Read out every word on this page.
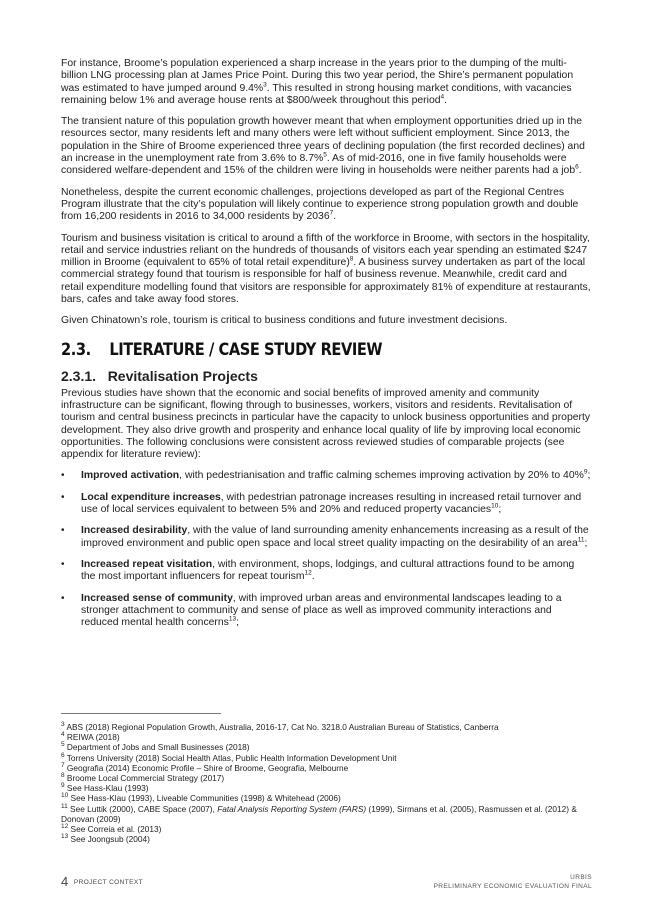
For instance, Broome’s population experienced a sharp increase in the years prior to the dumping of the multi-billion LNG processing plan at James Price Point. During this two year period, the Shire’s permanent population was estimated to have jumped around 9.4%$^3$. This resulted in strong housing market conditions, with vacancies remaining below 1% and average house rents at $800/week throughout this period$^4$.

The transient nature of this population growth however meant that when employment opportunities dried up in the resources sector, many residents left and many others were left without sufficient employment. Since 2013, the population in the Shire of Broome experienced three years of declining population (the first recorded declines) and an increase in the unemployment rate from 3.6% to 8.7%$^5$. As of mid-2016, one in five family households were considered welfare-dependent and 15% of the children were living in households were neither parents had a job$^6$.

Nonetheless, despite the current economic challenges, projections developed as part of the Regional Centres Program illustrate that the city’s population will likely continue to experience strong population growth and double from 16,200 residents in 2016 to 34,000 residents by 2036$^7$.

Tourism and business visitation is critical to around a fifth of the workforce in Broome, with sectors in the hospitality, retail and service industries reliant on the hundreds of thousands of visitors each year spending an estimated $247 million in Broome (equivalent to 65% of total retail expenditure)$^8$. A business survey undertaken as part of the local commercial strategy found that tourism is responsible for half of business revenue. Meanwhile, credit card and retail expenditure modelling found that visitors are responsible for approximately 81% of expenditure at restaurants, bars, cafes and take away food stores.

Given Chinatown’s role, tourism is critical to business conditions and future investment decisions.

2.3.    LITERATURE / CASE STUDY REVIEW
2.3.1.   Revitalisation Projects

Previous studies have shown that the economic and social benefits of improved amenity and community infrastructure can be significant, flowing through to businesses, workers, visitors and residents. Revitalisation of tourism and central business precincts in particular have the capacity to unlock business opportunities and property development. They also drive growth and prosperity and enhance local quality of life by improving local economic opportunities. The following conclusions were consistent across reviewed studies of comparable projects (see appendix for literature review):

• Improved activation, with pedestrianisation and traffic calming schemes improving activation by 20% to 40%$^9$;
• Local expenditure increases, with pedestrian patronage increases resulting in increased retail turnover and use of local services equivalent to between 5% and 20% and reduced property vacancies$^{10}$;
• Increased desirability, with the value of land surrounding amenity enhancements increasing as a result of the improved environment and public open space and local street quality impacting on the desirability of an area$^{11}$;
• Increased repeat visitation, with environment, shops, lodgings, and cultural attractions found to be among the most important influencers for repeat tourism$^{12}$.
• Increased sense of community, with improved urban areas and environmental landscapes leading to a stronger attachment to community and sense of place as well as improved community interactions and reduced mental health concerns$^{13}$;
$^3$ ABS (2018) Regional Population Growth, Australia, 2016-17, Cat No. 3218.0 Australian Bureau of Statistics, Canberra
$^4$ REIWA (2018)
$^5$ Department of Jobs and Small Businesses (2018)
$^6$ Torrens University (2018) Social Health Atlas, Public Health Information Development Unit
$^7$ Geografia (2014) Economic Profile – Shire of Broome, Geografia, Melbourne
$^8$ Broome Local Commercial Strategy (2017)
$^9$ See Hass-Klau (1993)
$^{10}$ See Hass-Klau (1993), Liveable Communities (1998) & Whitehead (2006)
$^{11}$ See Luttik (2000), CABE Space (2007), Fatal Analysis Reporting System (FARS) (1999), Sirmans et al. (2005), Rasmussen et al. (2012) & Donovan (2009)
$^{12}$ See Correia et al. (2013)
$^{13}$ See Joongsub (2004)
4 PROJECT CONTEXT
URBIS
PRELIMINARY ECONOMIC EVALUATION FINAL
